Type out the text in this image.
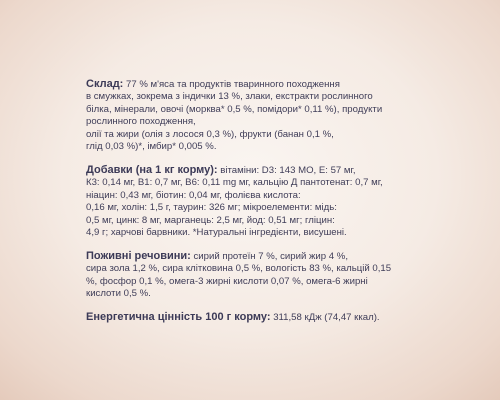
Склад: 77 % м'яса та продуктів тваринного походження
в смужках, зокрема з індички 13 %, злаки, екстракти рослинного
білка, мінерали, овочі (морква* 0,5 %, помідори* 0,11 %), продукти
рослинного походження,
олії та жири (олія з лосося 0,3 %), фрукти (банан 0,1 %,
глід 0,03 %)*, імбир* 0,005 %.
Добавки (на 1 кг корму): вітаміни: D3: 143 МО, E: 57 мг,
К3: 0,14 мг, B1: 0,7 мг, B6: 0,11 mg мг, кальцію Д пантотенат: 0,7 мг,
ніацин: 0,43 мг, біотин: 0,04 мг, фолієва кислота:
0,16 мг, холін: 1,5 г, таурин: 326 мг; мікроелементи: мідь:
0,5 мг, цинк: 8 мг, марганець: 2,5 мг, йод: 0,51 мг; гліцин:
4,9 г; харчові барвники. *Натуральні інгредієнти, висушені.
Поживні речовини: сирий протеїн 7 %, сирий жир 4 %,
сира зола 1,2 %, сира клітковина 0,5 %, вологість 83 %, кальцій 0,15
%, фосфор 0,1 %, омега-3 жирні кислоти 0,07 %, омега-6 жирні
кислоти 0,5 %.
Енергетична цінність 100 г корму: 311,58 кДж (74,47 ккал).
